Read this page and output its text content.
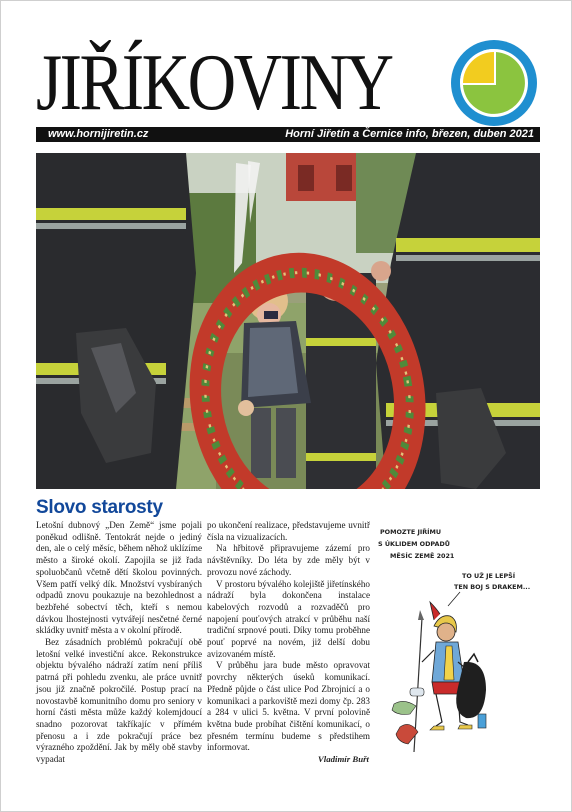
JIŘÍKOVINY
www.hornijiretin.cz	Horní Jiřetín a Černice info, březen, duben 2021
Slovo starosty

Letošní dubnový „Den Země“ jsme pojali poněkud odlišně. Tentokrát nejde o jediný den, ale o celý měsíc, během něhož uklízíme město a široké okolí. Zapojila se již řada spoluobčanů včetně dětí školou povinných. Všem patří velký dík. Množství vysbíraných odpadů znovu poukazuje na bezohlednost a bezbřehé sobectví těch, kteří s nemou dávkou lhostejnosti vytvářejí nesčetné černé skládky uvnitř města a v okolní přírodě.

Bez zásadních problémů pokračují obě letošní velké investiční akce. Rekonstrukce objektu bývalého nádraží zatím není příliš patrná při pohledu zvenku, ale práce uvnitř jsou již značně pokročilé. Postup prací na novostavbě komunitního domu pro seniory v horní části města může každý kolemjdoucí snadno pozorovat takříkajíc v přímém přenosu a i zde pokračují práce bez výrazného zpoždění. Jak by měly obě stavby vypadat

po ukončení realizace, představujeme uvnitř čísla na vizualizacích.

Na hřbitově připravujeme zázemí pro návštěvníky. Do léta by zde měly být v provozu nové záchody.

V prostoru bývalého kolejiště jiřetínského nádraží byla dokončena instalace kabelových rozvodů a rozvaděčů pro napojení pouťových atrakcí v průběhu naší tradiční srpnové pouti. Díky tomu proběhne pouť poprvé na novém, již delší dobu avizovaném místě.

V průběhu jara bude město opravovat povrchy některých úseků komunikací. Předně půjde o část ulice Pod Zbrojnicí a o komunikaci a parkoviště mezi domy čp. 283 a 284 v ulici 5. května. V první polovině května bude probíhat čištění komunikací, o přesném termínu budeme s předstihem informovat.

Vladimír Buřt
POMOZTE JIŘÍMU
S ÚKLIDEM ODPADŮ
MĚSÍC ZEMĚ 2021
TO UŽ JE LEPŠÍ
TEN BOJ S DRAKEM...
